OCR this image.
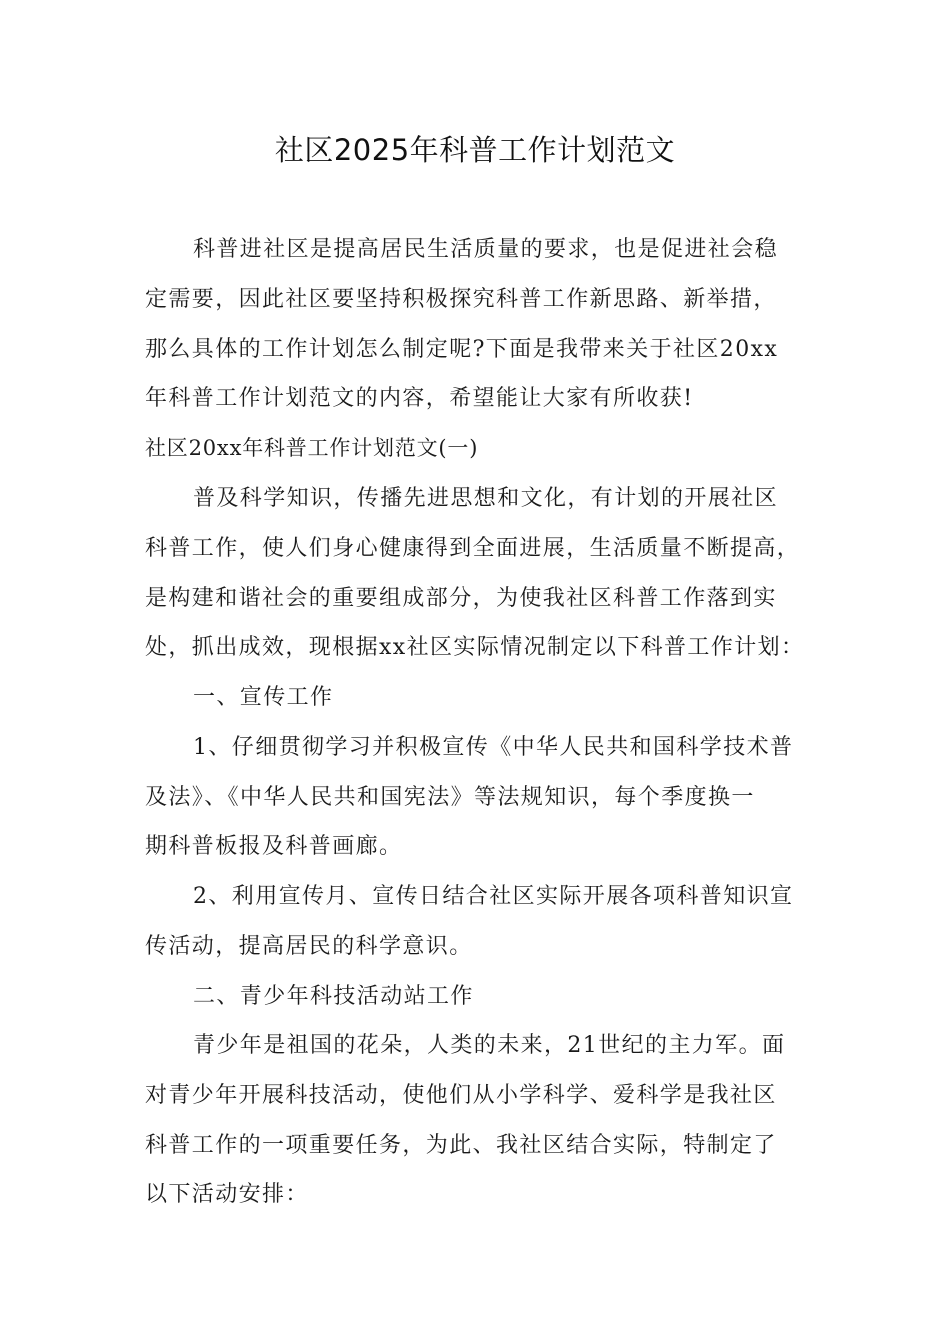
社区2025年科普工作计划范文
科普进社区是提高居民生活质量的要求，也是促进社会稳
定需要，因此社区要坚持积极探究科普工作新思路、新举措，
那么具体的工作计划怎么制定呢?下面是我带来关于社区20xx
年科普工作计划范文的内容，希望能让大家有所收获!
社区20xx年科普工作计划范文(一)
普及科学知识，传播先进思想和文化，有计划的开展社区
科普工作，使人们身心健康得到全面进展，生活质量不断提高，
是构建和谐社会的重要组成部分，为使我社区科普工作落到实
处，抓出成效，现根据xx社区实际情况制定以下科普工作计划：
一、宣传工作
1、仔细贯彻学习并积极宣传《中华人民共和国科学技术普
及法》、《中华人民共和国宪法》等法规知识，每个季度换一
期科普板报及科普画廊。
2、利用宣传月、宣传日结合社区实际开展各项科普知识宣
传活动，提高居民的科学意识。
二、青少年科技活动站工作
青少年是祖国的花朵，人类的未来，21世纪的主力军。面
对青少年开展科技活动，使他们从小学科学、爱科学是我社区
科普工作的一项重要任务，为此、我社区结合实际，特制定了
以下活动安排：
